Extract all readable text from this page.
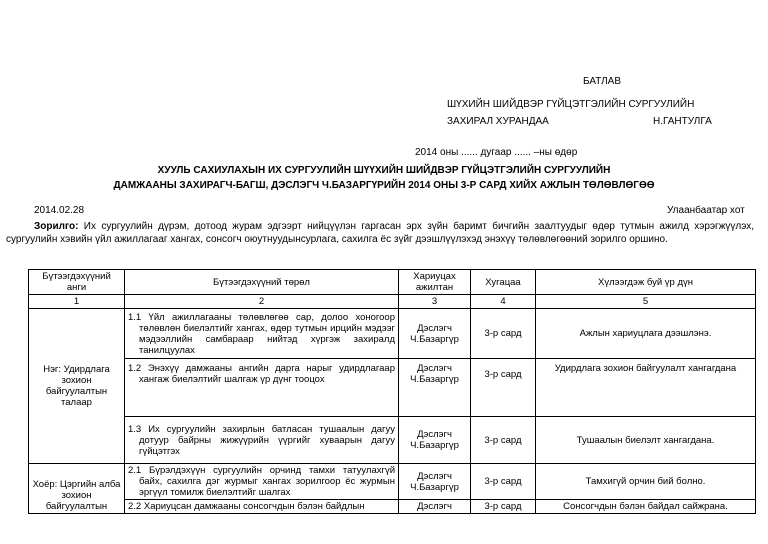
БАТЛАВ
ШҮХИЙН ШИЙДВЭР ГҮЙЦЭТГЭЛИЙН СУРГУУЛИЙН
ЗАХИРАЛ ХУРАНДАА	Н.ГАНТУЛГА
2014 оны ...... дугаар ...... –ны өдөр
ХУУЛЬ САХИУЛАХЫН ИХ СУРГУУЛИЙН ШҮҮХИЙН ШИЙДВЭР ГҮЙЦЭТГЭЛИЙН СУРГУУЛИЙН
ДАМЖААНЫ ЗАХИРАГЧ-БАГШ, ДЭСЛЭГЧ Ч.БАЗАРГҮРИЙН 2014 ОНЫ 3-Р САРД ХИЙХ АЖЛЫН ТӨЛӨВЛӨГӨӨ
2014.02.28	Улаанбаатар хот
Зорилго: Их сургуулийн дүрэм, дотоод журам эдгээрт нийцүүлэн гаргасан эрх зүйн баримт бичгийн заалтуудыг өдөр тутмын ажилд хэрэгжүүлэх, сургуулийн хэвийн үйл ажиллагааг хангах, сонсогч оюутнуудынсурлага, сахилга ёс зүйг дээшлүүлэхэд энэхүү төлөвлөгөөний зорилго оршино.
Бүтээгдэхүүний анги	Бүтээгдэхүүний төрөл	Хариуцах ажилтан	Хугацаа	Хүлээгдэж буй үр дүн
1	2	3	4	5
Нэг: Удирдлага зохион байгуулалтын талаар	1.1 Үйл ажиллагааны төлөвлөгөө сар, долоо хоногоор төлөвлөн биелэлтийг хангах, өдөр тутмын ирцийн мэдээг мэдээллийн самбараар нийтэд хүргэж захиралд танилцуулах	Дэслэгч Ч.Базаргүр	3-р сард	Ажлын хариуцлага дээшлэнэ.
	1.2 Энэхүү дамжааны ангийн дарга нарыг удирдлагаар хангаж биелэлтийг шалгаж үр дүнг тооцох	Дэслэгч Ч.Базаргүр	3-р сард	Удирдлага зохион байгуулалт хангагдана
	1.3 Их сургуулийн захирлын батласан тушаалын дагуу дотуур байрны жижүүрийн үүргийг хуваарын дагуу гүйцэтгэх	Дэслэгч Ч.Базаргүр	3-р сард	Тушаалын биелэлт хангагдана.
Хоёр: Цэргийн алба зохион байгуулалтын	2.1 Бүрэлдэхүүн сургуулийн орчинд тамхи татуулахгүй байх, сахилга дэг журмыг хангах зорилгоор ёс журмын эргүүл томилж биелэлтийг шалгах	Дэслэгч Ч.Базаргүр	3-р сард	Тамхигүй орчин бий болно.
	2.2 Хариуцсан дамжааны сонсогчдын бэлэн байдлын	Дэслэгч	3-р сард	Сонсогчдын бэлэн байдал сайжрана.
